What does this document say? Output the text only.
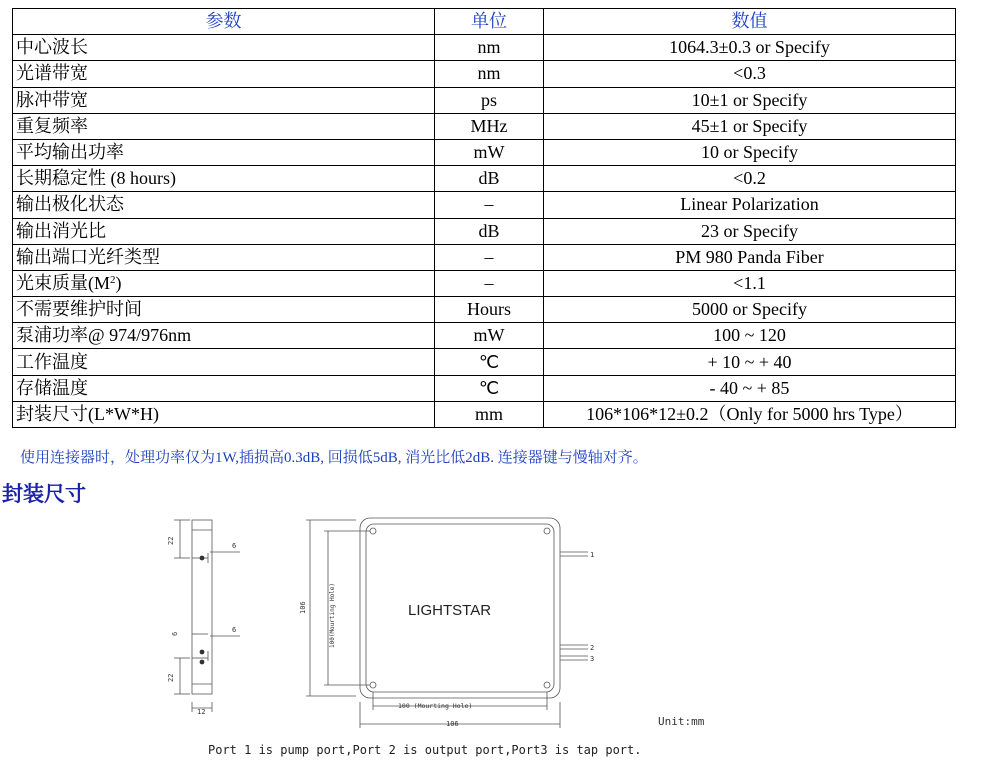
参数	单位	数值
中心波长	nm	1064.3±0.3 or Specify
光谱带宽	nm	<0.3
脉冲带宽	ps	10±1 or Specify
重复频率	MHz	45±1 or Specify
平均输出功率	mW	10 or Specify
长期稳定性 (8 hours)	dB	<0.2
输出极化状态	–	Linear Polarization
输出消光比	dB	23 or Specify
输出端口光纤类型	–	PM 980 Panda Fiber
光束质量$(M^2)$	–	<1.1
不需要维护时间	Hours	5000 or Specify
泵浦功率@ 974/976nm	mW	100 ~ 120
工作温度	℃	+ 10 ~ + 40
存储温度	℃	- 40 ~ + 85
封装尺寸(L*W*H)	mm	106*106*12±0.2（Only for 5000 hrs Type）
使用连接器时，处理功率仅为1W,插损高0.3dB, 回损低5dB, 消光比低2dB. 连接器键与慢轴对齐。
封装尺寸
22
6
6	6
22
12
106	100(Mourting Hole)
100 (Mourting Hole)
106
1
2
3
LIGHTSTAR
Unit:mm
Port 1 is pump port,Port 2 is output port,Port3 is tap port.
